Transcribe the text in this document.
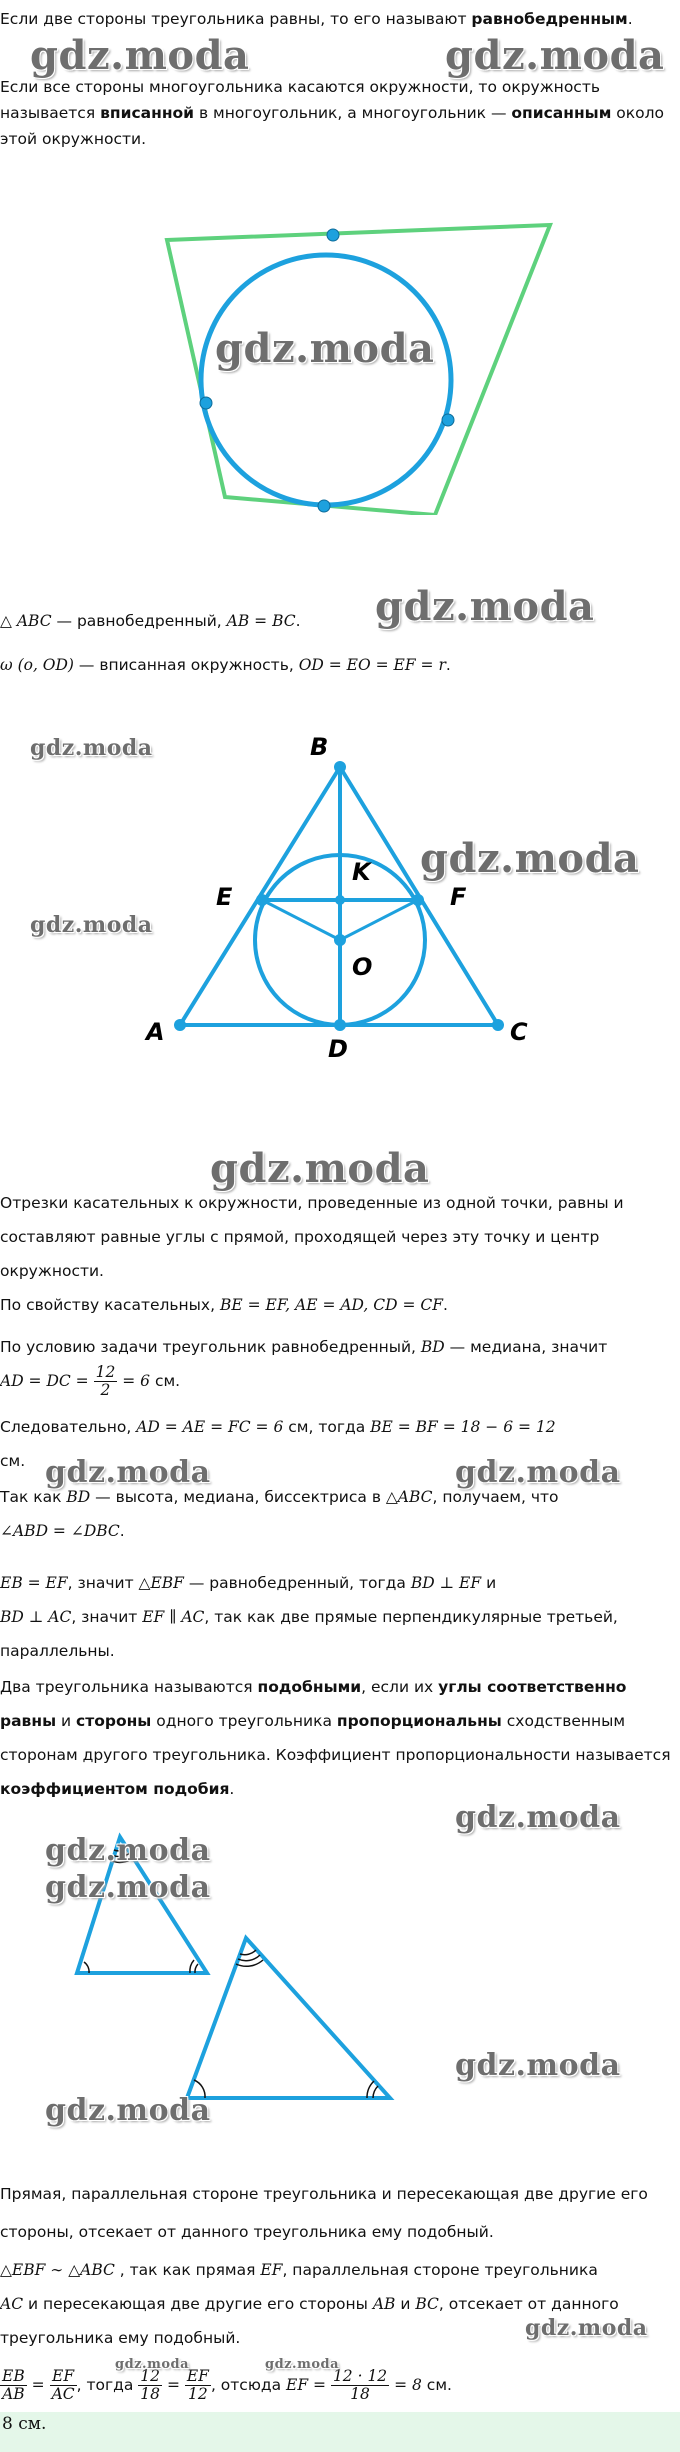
Если две стороны треугольника равны, то его называют равнобедренным.

Если все стороны многоугольника касаются окружности, то окружность называется вписанной в многоугольник, а многоугольник — описанным около этой окружности.

△ ABC — равнобедренный, AB = BC.

ω (o, OD) — вписанная окружность, OD = EO = EF = r.

A
B
C
D
E	F
K
O

Отрезки касательных к окружности, проведенные из одной точки, равны и составляют равные углы с прямой, проходящей через эту точку и центр окружности.

По свойству касательных, BE = EF, AE = AD, CD = CF.

По условию задачи треугольник равнобедренный, BD — медиана, значит
AD = DC = $\frac{12}{2} = 6$ см.
Следовательно, AD = AE = FC = 6 см, тогда BE = BF = 18 − 6 = 12
см.
Так как BD — высота, медиана, биссектриса в △ABC, получаем, что
∠ABD = ∠DBC.
EB = EF, значит △EBF — равнобедренный, тогда BD ⊥ EF и
BD ⊥ AC, значит EF ∥ AC, так как две прямые перпендикулярные третьей, параллельны.

Два треугольника называются подобными, если их углы соответственно равны и стороны одного треугольника пропорциональны сходственным сторонам другого треугольника. Коэффициент пропорциональности называется коэффициентом подобия.

Прямая, параллельная стороне треугольника и пересекающая две другие его стороны, отсекает от данного треугольника ему подобный.

△EBF ∼ △ABC , так как прямая EF, параллельная стороне треугольника
AC и пересекающая две другие его стороны AB и BC, отсекает от данного треугольника ему подобный.
$\frac{EB}{AB} = \frac{EF}{AC}$ , тогда $\frac{12}{18} = \frac{EF}{12}$ , отсюда EF = $\frac{12 \cdot 12}{18} = 8$ см.
8 см.
gdz.moda	gdz.moda
gdz.moda
gdz.moda
gdz.moda
gdz.moda
gdz.moda
gdz.moda
gdz.moda	gdz.moda
gdz.moda
gdz.moda
gdz.moda
gdz.moda
gdz.moda
gdz.moda
gdz.moda	gdz.moda
